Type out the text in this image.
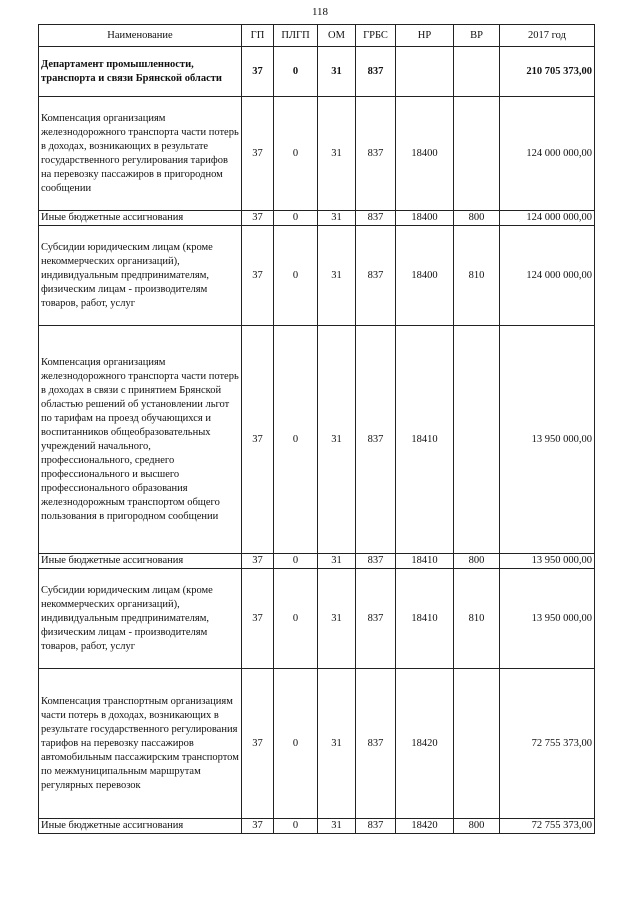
118
Наименование	ГП	ПЛГП	ОМ	ГРБС	НР	ВР	2017 год
Департамент промышленности, транспорта и связи Брянской области	37	0	31	837			210 705 373,00
Компенсация организациям железнодорожного транспорта части потерь в доходах, возникающих в результате государственного регулирования тарифов на перевозку пассажиров в пригородном сообщении	37	0	31	837	18400		124 000 000,00
Иные бюджетные ассигнования	37	0	31	837	18400	800	124 000 000,00
Субсидии юридическим лицам (кроме некоммерческих организаций), индивидуальным предпринимателям, физическим лицам - производителям товаров, работ, услуг	37	0	31	837	18400	810	124 000 000,00
Компенсация организациям железнодорожного транспорта части потерь в доходах в связи с принятием Брянской областью решений об установлении льгот по тарифам на проезд обучающихся и воспитанников общеобразовательных учреждений начального, профессионального, среднего профессионального и высшего профессионального образования железнодорожным транспортом общего пользования в пригородном сообщении	37	0	31	837	18410		13 950 000,00
Иные бюджетные ассигнования	37	0	31	837	18410	800	13 950 000,00
Субсидии юридическим лицам (кроме некоммерческих организаций), индивидуальным предпринимателям, физическим лицам - производителям товаров, работ, услуг	37	0	31	837	18410	810	13 950 000,00
Компенсация транспортным организациям части потерь в доходах, возникающих в результате государственного регулирования тарифов на перевозку пассажиров автомобильным пассажирским транспортом по межмуниципальным маршрутам регулярных перевозок	37	0	31	837	18420		72 755 373,00
Иные бюджетные ассигнования	37	0	31	837	18420	800	72 755 373,00
